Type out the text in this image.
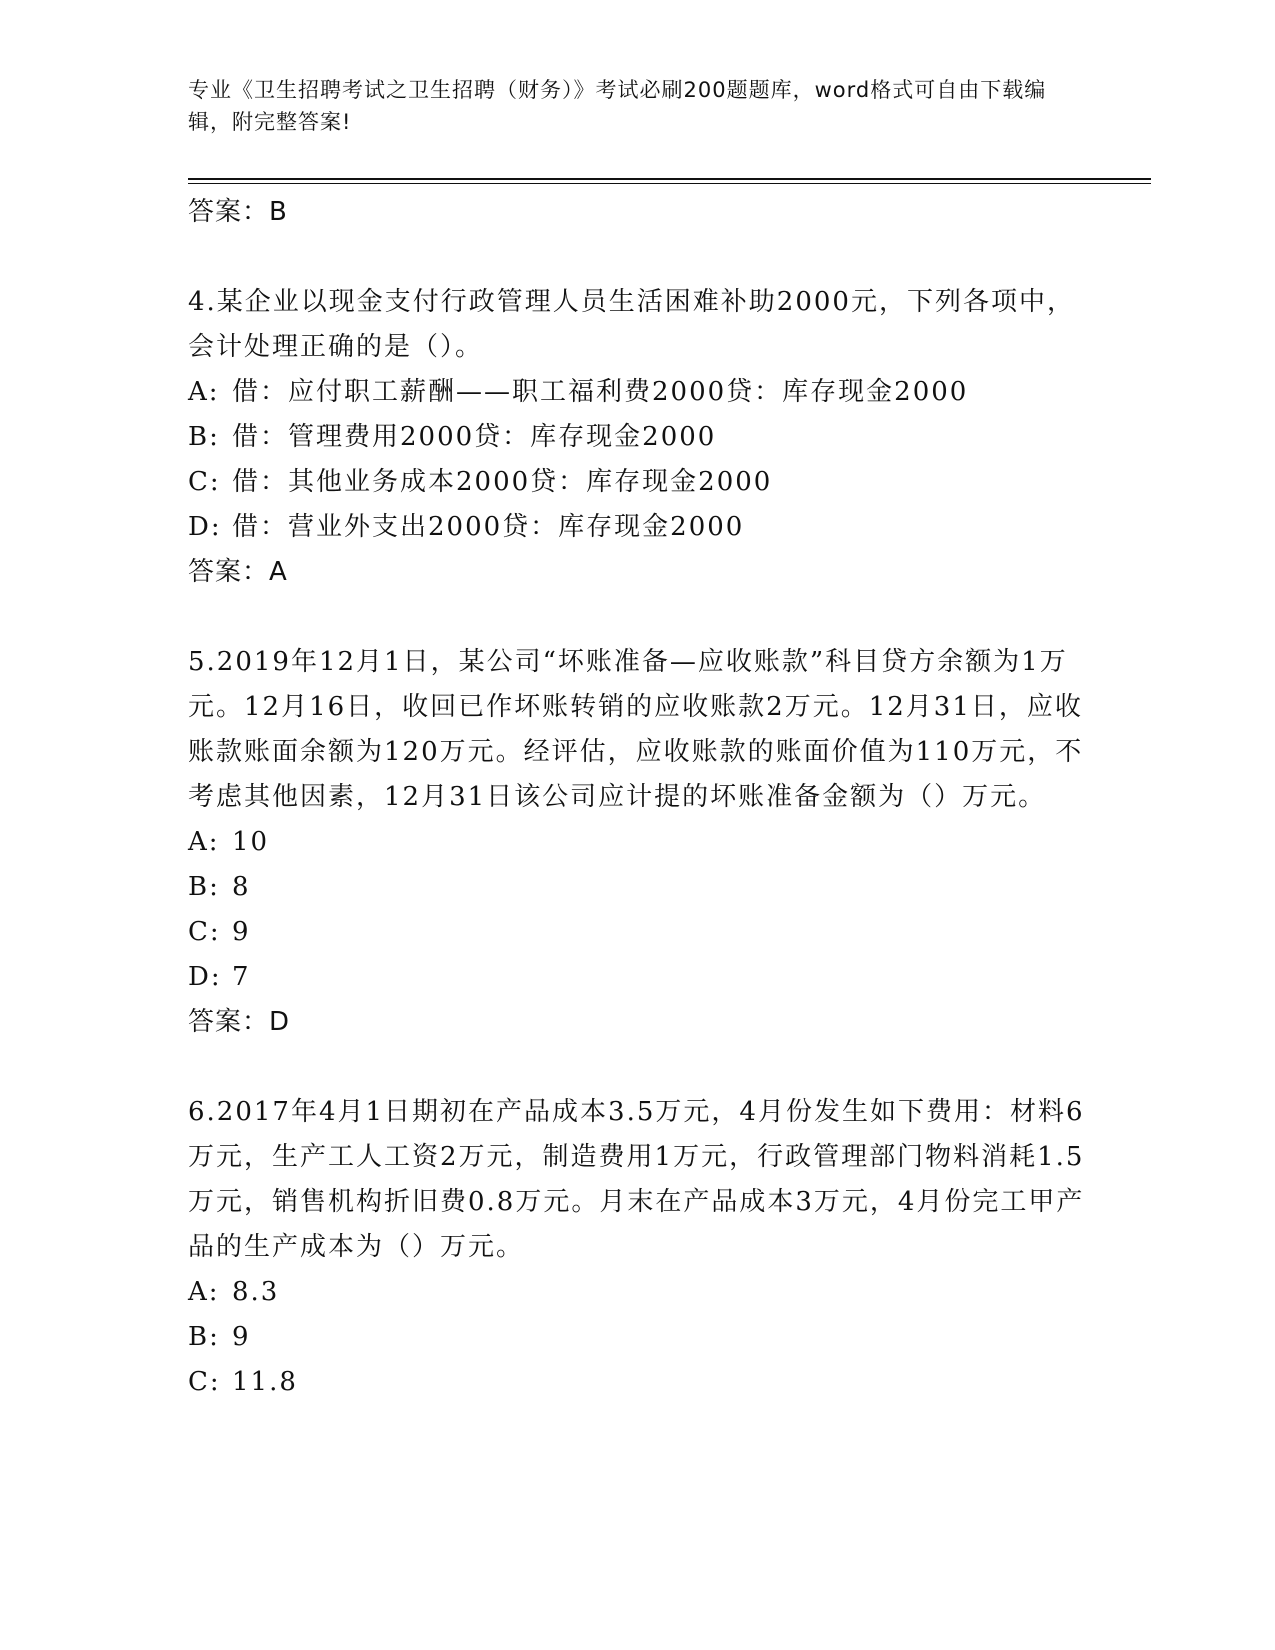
专业《卫生招聘考试之卫生招聘（财务）》考试必刷200题题库，word格式可自由下载编辑，附完整答案!
答案：B
4.某企业以现金支付行政管理人员生活困难补助2000元，下列各项中，会计处理正确的是（）。
A: 借：应付职工薪酬——职工福利费2000贷：库存现金2000
B: 借：管理费用2000贷：库存现金2000
C: 借：其他业务成本2000贷：库存现金2000
D: 借：营业外支出2000贷：库存现金2000
答案：A
5.2019年12月1日，某公司“坏账准备—应收账款”科目贷方余额为1万元。12月16日，收回已作坏账转销的应收账款2万元。12月31日，应收账款账面余额为120万元。经评估，应收账款的账面价值为110万元，不考虑其他因素，12月31日该公司应计提的坏账准备金额为（）万元。
A: 10
B: 8
C: 9
D: 7
答案：D
6.2017年4月1日期初在产品成本3.5万元，4月份发生如下费用：材料6万元，生产工人工资2万元，制造费用1万元，行政管理部门物料消耗1.5万元，销售机构折旧费0.8万元。月末在产品成本3万元，4月份完工甲产品的生产成本为（）万元。
A: 8.3
B: 9
C: 11.8
